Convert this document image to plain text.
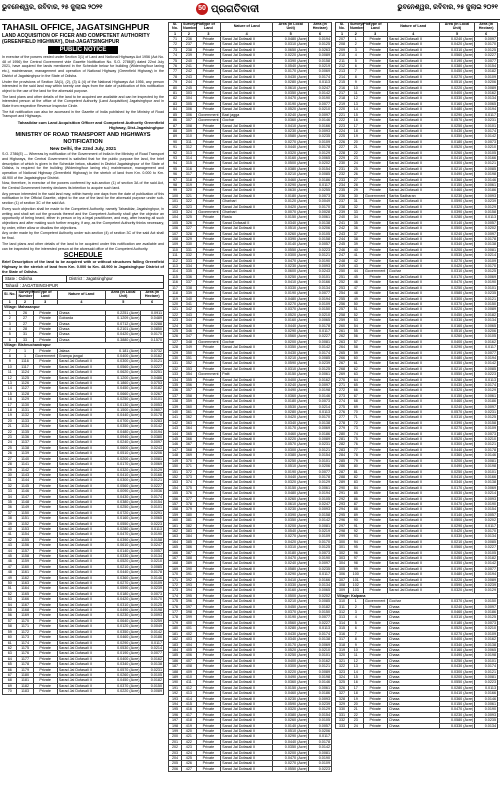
ଭୁବନେଶ୍ୱର, ରବିବାର, ୨୫ ଜୁଲାଇ ୨୦୨୧	50 ପ୍ରଗତିବାଦୀ	ଭୁବନେଶ୍ୱର, ରବିବାର, ୨୫ ଜୁଲାଇ ୨୦୨୧
TAHASIL OFFICE, JAGATSINGHPUR
LAND ACQUISITION OF FICER AND COMPETENT AUTHORITY (GREENFIELD HIGHWAY), Dist-JAGATSINGHPUR
PUBLIC NOTICE
In exercise of the powers vested under Section 3(1) of Land and National Highways Act 1956 (Act No. 48 of 1956) the Central Government vide Gazette Notification No. S.O. 2786(E) dated 22nd July 2021, have acquired the lands mentioned in the Schedule below for building (Widening/four laning etc.), maintenance, management and operation of National Highway (Greenfield Highway) in the District of Jagatsinghpur in the State of Odisha.
Under the provisions of Section 3A(1), (2), (3) & (4) of the National Highways Act 1956, any person interested in the said land may within twenty one days from the date of publication of this notification object to the use of the land for the aforesaid purpose.
The land plans and other details of the land to be acquired are available and can be inspected by the interested person at the office of the Competent Authority (Land Acquisition) Jagatsinghpur and in State from respective Revenue Inspector Circle.
The full notification can also be accessed in the Gazette of India published by the Ministry of Road Transport and Highways.
Tahasildar cum Land Acquisition Officer and Competent Authority Greenfield Highway, Dist-Jagatsinghpur
MINISTRY OF ROAD TRANSPORT AND HIGHWAYS
NOTIFICATION
New Delhi, the 22nd July, 2021
S.O. 2786(E) — Whereas by notification of the Government of India in the Ministry of Road Transport and Highways, the Central Government is satisfied that for the public purpose the land, the brief description of which is given in the Schedule below, situated in District Jagatsinghpur of the State of Odisha, is required for the building (Widening/four laning etc.) maintenance, management and operation of National Highway (Greenfield Highway) in the stretch of land from Km. 0.000 to Km. 48.900 of the Jagatsinghpur District.
Now, therefore, in exercise of the powers conferred by sub-section (1) of section 3A of the said Act, the Central Government hereby declares its intention to acquire such land.
Any person interested in the said land may, within twenty one days from the date of publication of this notification in the Official Gazette, object to the use of the land for the aforesaid purpose under sub-section (1) of section 3C of the said Act.
Every such objection shall be made to the Competent Authority, namely Tahasildar, Jagatsinghpur, in writing and shall set out the grounds thereof and the Competent Authority shall give the objector an opportunity of being heard, either in person or by a legal practitioner, and may, after hearing all such objections and after making such further enquiry, if any, as the Competent Authority thinks necessary, by order, either allow or disallow the objections.
Any order made by the Competent Authority under sub-section (4) of section 3C of the said Act shall be final.
The land plans and other details of the land to be acquired under this notification are available and can be inspected by the interested person at the aforesaid office of the Competent Authority.
SCHEDULE
Brief Description of the land to be acquired with or without structures falling Greenfield Highway in the stretch of land from Km. 0.000 to Km. 48.900 in Jagatsinghpur District of the State of Odisha.
State : Odisha	District : Jagatsinghpur
Tahasil : JAGATSINGHPUR
Sl. No.	Survey/Plot Number	Type of Land	Nature of Land	Area (in Local Unit)	Area (in Hectare)
1	2	3	4	5	6
Village: Mahasanpur					
1	26	Private	Chasa	0.2251 (Acre)	0.0911
2	27	Private	Gobarda	0.1209 (Acre)	0.0489
3	27	Private	Chasa	0.0712 (Acre)	0.0288
4	28	Private	Chasa	0.2101 (Acre)	0.0850
5	31	Private	Chasa	0.0420 (Acre)	0.0170
6	33	Private	Chasa	0.3880 (Acre)	0.1570
Village: Bishnuchandrapur					
7	1	Private	Jalasa	0.181 (Acre)	0.0732
8	1	Government	Gramya jangal	0.0400 (Acre)	0.0162
9	1116	Private	Sarad Jal Dofasali II	0.0300 (Acre)	0.0121
10	1117	Private	Sarad Jal Dofasali II	0.0560 (Acre)	0.0227
11	1124	Private	Sarad Jal Dofasali II	0.0620 (Acre)	0.0251
12	1125	Private	Sarad Jal Dofasali II	0.1200 (Acre)	0.0486
13	1126	Private	Sarad Jal Dofasali II	0.1860 (Acre)	0.0753
14	1127	Private	Sarad Jal Dofasali II	0.0450 (Acre)	0.0182
15	1128	Private	Sarad Jal Dofasali II	0.0660 (Acre)	0.0267
16	1129	Private	Sarad Jal Dofasali II	0.0250 (Acre)	0.0101
17	1130	Private	Sarad Jal Dofasali II	0.0130 (Acre)	0.0053
18	1131	Private	Sarad Jal Dofasali II	0.1500 (Acre)	0.0607
19	1132	Private	Sarad Jal Dofasali II	0.0440 (Acre)	0.0178
20	1133	Private	Sarad Jal Dofasali II	0.0700 (Acre)	0.0283
21	1134	Private	Sarad Jal Dofasali II	0.0350 (Acre)	0.0142
22	1135	Private	Sarad Jal Dofasali II	0.0480 (Acre)	0.0194
23	1136	Private	Sarad Jal Dofasali II	0.0940 (Acre)	0.0380
24	1137	Private	Sarad Jal Dofasali II	0.0240 (Acre)	0.0097
25	1138	Private	Sarad Jal Dofasali II	0.0600 (Acre)	0.0243
26	1139	Private	Sarad Jal Dofasali II	0.0510 (Acre)	0.0206
27	1140	Private	Sarad Jal Dofasali II	0.0200 (Acre)	0.0081
28	1141	Private	Sarad Jal Dofasali II	0.0170 (Acre)	0.0069
29	1142	Private	Sarad Jal Dofasali II	0.0320 (Acre)	0.0129
30	1143	Private	Sarad Jal Dofasali II	0.0410 (Acre)	0.0166
31	1144	Private	Sarad Jal Dofasali II	0.0300 (Acre)	0.0121
32	1145	Private	Sarad Jal Dofasali II	0.0560 (Acre)	0.0227
33	1146	Private	Sarad Jal Dofasali II	0.0090 (Acre)	0.0036
34	1147	Private	Sarad Jal Dofasali II	0.0430 (Acre)	0.0174
35	1148	Private	Sarad Jal Dofasali II	0.0380 (Acre)	0.0154
36	1149	Private	Sarad Jal Dofasali II	0.0250 (Acre)	0.0101
37	1150	Private	Sarad Jal Dofasali II	0.0720 (Acre)	0.0291
38	1151	Private	Sarad Jal Dofasali II	0.0160 (Acre)	0.0065
39	1152	Private	Sarad Jal Dofasali II	0.0550 (Acre)	0.0223
40	1153	Private	Sarad Jal Dofasali II	0.0280 (Acre)	0.0113
41	1154	Private	Sarad Jal Dofasali II	0.0470 (Acre)	0.0190
42	1155	Private	Sarad Jal Dofasali II	0.0390 (Acre)	0.0158
43	1156	Private	Sarad Jal Dofasali II	0.0610 (Acre)	0.0247
44	1157	Private	Sarad Jal Dofasali II	0.0140 (Acre)	0.0057
45	1158	Private	Sarad Jal Dofasali II	0.0330 (Acre)	0.0134
46	1159	Private	Sarad Jal Dofasali II	0.0520 (Acre)	0.0210
47	1160	Private	Sarad Jal Dofasali II	0.0210 (Acre)	0.0085
48	1161	Private	Sarad Jal Dofasali II	0.0440 (Acre)	0.0178
49	1162	Private	Sarad Jal Dofasali II	0.0360 (Acre)	0.0146
50	1163	Private	Sarad Jal Dofasali II	0.0270 (Acre)	0.0109
51	1164	Private	Sarad Jal Dofasali II	0.0590 (Acre)	0.0239
52	1165	Private	Sarad Jal Dofasali II	0.0180 (Acre)	0.0073
53	1166	Private	Sarad Jal Dofasali II	0.0420 (Acre)	0.0170
54	1167	Private	Sarad Jal Dofasali II	0.0310 (Acre)	0.0125
55	1168	Private	Sarad Jal Dofasali II	0.0490 (Acre)	0.0198
56	1169	Private	Sarad Jal Dofasali II	0.0230 (Acre)	0.0093
57	1170	Private	Sarad Jal Dofasali II	0.0640 (Acre)	0.0259
58	1171	Private	Sarad Jal Dofasali II	0.0120 (Acre)	0.0049
59	1172	Private	Sarad Jal Dofasali II	0.0350 (Acre)	0.0142
60	1173	Private	Sarad Jal Dofasali II	0.0460 (Acre)	0.0186
61	1174	Private	Sarad Jal Dofasali II	0.0290 (Acre)	0.0117
62	1175	Private	Sarad Jal Dofasali II	0.0530 (Acre)	0.0214
63	1176	Private	Sarad Jal Dofasali II	0.0190 (Acre)	0.0077
64	1177	Private	Sarad Jal Dofasali II	0.0400 (Acre)	0.0162
65	1178	Private	Sarad Jal Dofasali II	0.0340 (Acre)	0.0138
66	1179	Private	Sarad Jal Dofasali II	0.0570 (Acre)	0.0231
67	1180	Private	Sarad Jal Dofasali II	0.0260 (Acre)	0.0105
68	1181	Private	Sarad Jal Dofasali II	0.0450 (Acre)	0.0182
69	1182	Private	Sarad Jal Dofasali II	0.0370 (Acre)	0.0150
70	1183	Private	Sarad Jal Dofasali II	0.0220 (Acre)	0.0089
Sl. No.	Survey/Plot Number	Type of Land	Nature of Land	Area (in Local Unit)	Area (in Hectare)
1	2	3	4	5	6
71	236	Private	Sarad Jal Dofasali II	0.0480 (Acre)	0.0194
72	237	Private	Sarad Jal Dofasali II	0.0310 (Acre)	0.0125
73	238	Private	Sarad Jal Dofasali II	0.0650 (Acre)	0.0263
74	239	Private	Sarad Jal Dofasali II	0.0220 (Acre)	0.0089
75	240	Private	Sarad Jal Dofasali II	0.0390 (Acre)	0.0158
76	241	Private	Sarad Jal Dofasali II	0.0540 (Acre)	0.0219
77	242	Private	Sarad Jal Dofasali II	0.0170 (Acre)	0.0069
78	243	Private	Sarad Jal Dofasali II	0.0430 (Acre)	0.0174
79	244	Private	Sarad Jal Dofasali II	0.0280 (Acre)	0.0113
80	245	Private	Sarad Jal Dofasali II	0.0610 (Acre)	0.0247
81	303	Private	Sarad Jal Dofasali II	0.0350 (Acre)	0.0142
82	304	Private	Sarad Jal Dofasali II	0.0470 (Acre)	0.0190
83	305	Private	Sarad Jal Dofasali II	0.0190 (Acre)	0.0077
84	306	Private	Sarad Jal Dofasali II	0.0520 (Acre)	0.0210
85	306	Government	Bazi jagga	0.0240 (Acre)	0.0097
86	307	Government	Gochar	0.0360 (Acre)	0.0146
87	308	Private	Sarad Jal Dofasali II	0.0410 (Acre)	0.0166
88	309	Private	Sarad Jal Dofasali II	0.0230 (Acre)	0.0093
89	310	Private	Sarad Jal Dofasali II	0.0580 (Acre)	0.0235
90	311	Private	Sarad Jal Dofasali II	0.0270 (Acre)	0.0109
91	312	Private	Sarad Jal Dofasali II	0.0440 (Acre)	0.0178
92	313	Private	Sarad Jal Dofasali II	0.0320 (Acre)	0.0129
93	314	Private	Sarad Jal Dofasali II	0.0160 (Acre)	0.0065
94	315	Private	Sarad Jal Dofasali II	0.0500 (Acre)	0.0202
95	316	Private	Sarad Jal Dofasali II	0.0380 (Acre)	0.0154
96	317	Private	Sarad Jal Dofasali II	0.0210 (Acre)	0.0085
97	318	Private	Sarad Jal Dofasali II	0.0460 (Acre)	0.0186
98	319	Private	Sarad Jal Dofasali II	0.0290 (Acre)	0.0117
99	320	Private	Sarad Jal Dofasali II	0.0630 (Acre)	0.0255
100	321	Private	Sarad Jal Dofasali II	0.0180 (Acre)	0.0073
101	322	Private	Gharbari	0.0120 (Acre)	0.0049
102	323	Private	Sarad Jal Dofasali II	0.0420 (Acre)	0.0170
103	324	Government	Gharbari	0.0070 (Acre)	0.0028
104	325	Private	Rasta	0.0150 (Acre)	0.0061
105	326	Private	Sarad Dofasali II	0.0340 (Acre)	0.0138
106	327	Private	Sarad Jal Dofasali II	0.0510 (Acre)	0.0206
107	328	Private	Sarad Jal Dofasali II	0.0260 (Acre)	0.0105
108	329	Private	Sarad Jal Dofasali II	0.0390 (Acre)	0.0158
109	330	Private	Sarad Jal Dofasali II	0.0140 (Acre)	0.0057
110	331	Private	Sarad Jal Dofasali II	0.0550 (Acre)	0.0223
111	332	Private	Sarad Jal Dofasali II	0.0300 (Acre)	0.0121
112	333	Private	Sarad Jal Dofasali II	0.0470 (Acre)	0.0190
113	334	Private	Sarad Jal Dofasali II	0.0230 (Acre)	0.0093
114	335	Private	Sarad Jal Dofasali II	0.0600 (Acre)	0.0243
115	336	Private	Sarad Jal Dofasali II	0.0250 (Acre)	0.0101
116	337	Private	Sarad Jal Dofasali II	0.0410 (Acre)	0.0166
117	338	Private	Sarad Jal Dofasali II	0.0330 (Acre)	0.0134
118	339	Private	Sarad Jal Dofasali II	0.0190 (Acre)	0.0077
119	340	Private	Sarad Jal Dofasali II	0.0480 (Acre)	0.0194
120	341	Private	Sarad Jal Dofasali II	0.0270 (Acre)	0.0109
121	342	Private	Sarad Jal Dofasali II	0.0370 (Acre)	0.0150
122	343	Private	Sarad Jal Dofasali II	0.0520 (Acre)	0.0210
123	344	Private	Sarad Jal Dofasali II	0.0160 (Acre)	0.0065
124	345	Private	Sarad Jal Dofasali II	0.0440 (Acre)	0.0178
125	346	Private	Sarad Jal Dofasali II	0.0290 (Acre)	0.0117
126	347	Private	Sarad Jal Dofasali II	0.0560 (Acre)	0.0227
127	348	Government	Gochar	0.0200 (Acre)	0.0081
128	349	Private	Sarad Jal Dofasali II	0.0350 (Acre)	0.0142
129	350	Private	Sarad Jal Dofasali II	0.0430 (Acre)	0.0174
130	351	Private	Sarad Jal Dofasali II	0.0210 (Acre)	0.0085
131	352	Private	Sarad Jal Dofasali II	0.0590 (Acre)	0.0239
132	353	Private	Sarad Jal Dofasali II	0.0310 (Acre)	0.0125
133	354	Government	Patit	0.0150 (Acre)	0.0061
134	355	Private	Sarad Jal Dofasali II	0.0400 (Acre)	0.0162
135	356	Private	Sarad Jal Dofasali II	0.0240 (Acre)	0.0097
136	357	Private	Sarad Jal Dofasali II	0.0490 (Acre)	0.0198
137	358	Private	Sarad Jal Dofasali II	0.0360 (Acre)	0.0146
138	359	Private	Sarad Jal Dofasali II	0.0180 (Acre)	0.0073
139	360	Private	Sarad Jal Dofasali II	0.0530 (Acre)	0.0214
140	361	Private	Sarad Jal Dofasali II	0.0280 (Acre)	0.0113
141	362	Private	Sarad Jal Dofasali II	0.0420 (Acre)	0.0170
142	363	Private	Sarad Jal Dofasali II	0.0340 (Acre)	0.0138
143	364	Private	Sarad Jal Dofasali II	0.0170 (Acre)	0.0069
144	365	Private	Sarad Jal Dofasali II	0.0460 (Acre)	0.0186
145	366	Private	Sarad Jal Dofasali II	0.0220 (Acre)	0.0089
146	367	Private	Sarad Jal Dofasali II	0.0570 (Acre)	0.0231
147	368	Private	Sarad Jal Dofasali II	0.0300 (Acre)	0.0121
148	369	Private	Sarad Jal Dofasali II	0.0380 (Acre)	0.0154
149	370	Private	Sarad Jal Dofasali II	0.0250 (Acre)	0.0101
150	371	Private	Sarad Jal Dofasali II	0.0510 (Acre)	0.0206
151	372	Private	Sarad Jal Dofasali II	0.0190 (Acre)	0.0077
152	373	Private	Sarad Jal Dofasali II	0.0440 (Acre)	0.0178
153	374	Private	Sarad Jal Dofasali II	0.0320 (Acre)	0.0129
154	375	Private	Sarad Jal Dofasali II	0.0150 (Acre)	0.0061
155	376	Private	Sarad Jal Dofasali II	0.0480 (Acre)	0.0194
156	377	Private	Sarad Jal Dofasali II	0.0260 (Acre)	0.0105
157	378	Private	Sarad Jal Dofasali II	0.0610 (Acre)	0.0247
158	379	Private	Sarad Jal Dofasali II	0.0230 (Acre)	0.0093
159	380	Private	Sarad Jal Dofasali II	0.0390 (Acre)	0.0158
160	381	Private	Sarad Jal Dofasali II	0.0350 (Acre)	0.0142
161	382	Private	Sarad Jal Dofasali II	0.0200 (Acre)	0.0081
162	383	Private	Sarad Jal Dofasali II	0.0540 (Acre)	0.0219
163	384	Private	Sarad Jal Dofasali II	0.0270 (Acre)	0.0109
164	385	Private	Sarad Jal Dofasali II	0.0420 (Acre)	0.0170
165	386	Private	Sarad Jal Dofasali II	0.0310 (Acre)	0.0125
166	387	Private	Sarad Jal Dofasali II	0.0180 (Acre)	0.0073
167	388	Private	Sarad Jal Dofasali II	0.0470 (Acre)	0.0190
168	389	Private	Sarad Jal Dofasali II	0.0240 (Acre)	0.0097
169	390	Private	Sarad Jal Dofasali II	0.0580 (Acre)	0.0235
170	391	Private	Sarad Jal Dofasali II	0.0290 (Acre)	0.0117
171	392	Private	Sarad Jal Dofasali II	0.0410 (Acre)	0.0166
172	393	Private	Sarad Jal Dofasali II	0.0330 (Acre)	0.0134
173	394	Private	Sarad Jal Dofasali II	0.0160 (Acre)	0.0065
174	395	Private	Sarad Jal Dofasali II	0.0500 (Acre)	0.0202
175	396	Private	Sarad Jal Dofasali II	0.0210 (Acre)	0.0085
176	397	Private	Sarad Jal Dofasali II	0.0450 (Acre)	0.0182
177	398	Private	Sarad Jal Dofasali II	0.0370 (Acre)	0.0150
178	399	Private	Sarad Jal Dofasali II	0.0190 (Acre)	0.0077
179	400	Private	Sarad Jal Dofasali II	0.0560 (Acre)	0.0227
180	401	Private	Sarad Jal Dofasali II	0.0280 (Acre)	0.0113
181	402	Private	Sarad Jal Dofasali II	0.0430 (Acre)	0.0174
182	403	Private	Sarad Jal Dofasali II	0.0340 (Acre)	0.0138
183	404	Private	Sarad Jal Dofasali II	0.0170 (Acre)	0.0069
184	405	Private	Sarad Jal Dofasali II	0.0520 (Acre)	0.0210
185	406	Private	Sarad Jal Dofasali II	0.0250 (Acre)	0.0101
186	407	Private	Sarad Jal Dofasali II	0.0400 (Acre)	0.0162
187	408	Private	Sarad Jal Dofasali II	0.0300 (Acre)	0.0121
188	409	Private	Sarad Jal Dofasali II	0.0220 (Acre)	0.0089
189	410	Private	Sarad Jal Dofasali II	0.0490 (Acre)	0.0198
190	411	Private	Sarad Jal Dofasali II	0.0360 (Acre)	0.0146
191	412	Private	Sarad Jal Dofasali II	0.0150 (Acre)	0.0061
192	413	Private	Sarad Jal Dofasali II	0.0460 (Acre)	0.0186
193	414	Private	Sarad Jal Dofasali II	0.0230 (Acre)	0.0093
194	415	Private	Sarad Jal Dofasali II	0.0590 (Acre)	0.0239
195	416	Private	Sarad Jal Dofasali II	0.0320 (Acre)	0.0129
196	417	Private	Sarad Jal Dofasali II	0.0380 (Acre)	0.0154
197	418	Private	Sarad Jal Dofasali II	0.0260 (Acre)	0.0105
198	419	Private	Sarad Jal Dofasali II	0.0140 (Acre)	0.0057
199	420	Private	Sarad Jal Dofasali II	0.0510 (Acre)	0.0206
200	421	Private	Sarad Jal Dofasali II	0.0290 (Acre)	0.0117
201	422	Private	Sarad Jal Dofasali II	0.0440 (Acre)	0.0178
202	423	Private	Sarad Jal Dofasali II	0.0350 (Acre)	0.0142
203	424	Private	Sarad Jal Dofasali II	0.0200 (Acre)	0.0081
204	425	Private	Sarad Jal Dofasali II	0.0470 (Acre)	0.0190
205	426	Private	Sarad Jal Dofasali II	0.0270 (Acre)	0.0109
206	427	Private	Sarad Jal Dofasali II	0.0550 (Acre)	0.0223
Sl. No.	Survey/Plot Number	Type of Land	Nature of Land	Area (in Local Unit)	Area (in Hectare)
1	2	3	4	5	6
207	1	Private	Sarad Jal Dofasali II	0.0240 (Acre)	0.0097
208	2	Private	Sarad Jal Dofasali II	0.0420 (Acre)	0.0170
209	3	Private	Sarad Jal Dofasali II	0.0310 (Acre)	0.0125
210	4	Private	Sarad Jal Dofasali II	0.0560 (Acre)	0.0227
211	5	Private	Sarad Jal Dofasali II	0.0190 (Acre)	0.0077
212	6	Private	Sarad Jal Dofasali II	0.0380 (Acre)	0.0154
213	7	Private	Sarad Jal Dofasali II	0.0450 (Acre)	0.0182
214	8	Private	Sarad Jal Dofasali II	0.0270 (Acre)	0.0109
215	9	Private	Sarad Jal Dofasali II	0.0510 (Acre)	0.0206
216	10	Private	Sarad Jal Dofasali II	0.0220 (Acre)	0.0089
217	11	Private	Sarad Jal Dofasali II	0.0400 (Acre)	0.0162
218	12	Private	Sarad Jal Dofasali II	0.0330 (Acre)	0.0134
219	13	Private	Sarad Jal Dofasali II	0.0160 (Acre)	0.0065
220	14	Private	Sarad Jal Dofasali II	0.0480 (Acre)	0.0194
221	15	Private	Sarad Jal Dofasali II	0.0290 (Acre)	0.0117
222	16	Private	Sarad Jal Dofasali II	0.0570 (Acre)	0.0231
223	17	Private	Sarad Jal Dofasali II	0.0250 (Acre)	0.0101
224	18	Private	Sarad Jal Dofasali II	0.0430 (Acre)	0.0174
225	19	Private	Sarad Jal Dofasali II	0.0350 (Acre)	0.0142
226	20	Private	Sarad Jal Dofasali II	0.0180 (Acre)	0.0073
227	21	Private	Sarad Jal Dofasali II	0.0520 (Acre)	0.0210
228	22	Private	Sarad Jal Dofasali II	0.0260 (Acre)	0.0105
229	23	Private	Sarad Jal Dofasali II	0.0410 (Acre)	0.0166
230	24	Private	Sarad Jal Dofasali II	0.0300 (Acre)	0.0121
231	25	Private	Sarad Jal Dofasali II	0.0210 (Acre)	0.0085
232	26	Private	Sarad Jal Dofasali II	0.0490 (Acre)	0.0198
233	27	Private	Sarad Jal Dofasali II	0.0360 (Acre)	0.0146
234	28	Private	Sarad Jal Dofasali II	0.0150 (Acre)	0.0061
235	29	Private	Sarad Jal Dofasali II	0.0460 (Acre)	0.0186
236	30	Government	Sarba Sadharan	0.0230 (Acre)	0.0093
237	31	Private	Sarad Jal Dofasali II	0.0590 (Acre)	0.0239
238	32	Private	Sarad Jal Dofasali II	0.0320 (Acre)	0.0129
239	33	Private	Sarad Jal Dofasali II	0.0390 (Acre)	0.0158
240	34	Private	Sarad Jal Dofasali II	0.0280 (Acre)	0.0113
241	35	Private	Sarad Jal Dofasali II	0.0140 (Acre)	0.0057
242	36	Private	Sarad Jal Dofasali II	0.0500 (Acre)	0.0202
243	37	Private	Sarad Jal Dofasali II	0.0240 (Acre)	0.0097
244	38	Private	Sarad Jal Dofasali II	0.0440 (Acre)	0.0178
245	39	Private	Sarad Jal Dofasali II	0.0340 (Acre)	0.0138
246	40	Private	Sarad Jal Dofasali II	0.0200 (Acre)	0.0081
247	41	Private	Sarad Jal Dofasali II	0.0530 (Acre)	0.0214
248	42	Private	Sarad Jal Dofasali II	0.0270 (Acre)	0.0109
249	43	Private	Sarad Jal Dofasali II	0.0420 (Acre)	0.0170
250	44	Government	Gochar	0.0310 (Acre)	0.0125
251	45	Private	Sarad Jal Dofasali II	0.0170 (Acre)	0.0069
252	46	Private	Sarad Jal Dofasali II	0.0470 (Acre)	0.0190
253	47	Private	Sarad Jal Dofasali II	0.0250 (Acre)	0.0101
254	48	Private	Sarad Jal Dofasali II	0.0580 (Acre)	0.0235
255	49	Private	Sarad Jal Dofasali II	0.0300 (Acre)	0.0121
256	50	Private	Sarad Jal Dofasali II	0.0370 (Acre)	0.0150
257	51	Private	Sarad Jal Dofasali II	0.0220 (Acre)	0.0089
258	52	Private	Sarad Jal Dofasali II	0.0450 (Acre)	0.0182
259	53	Private	Sarad Jal Dofasali II	0.0330 (Acre)	0.0134
260	54	Private	Sarad Jal Dofasali II	0.0160 (Acre)	0.0065
261	55	Private	Sarad Jal Dofasali II	0.0510 (Acre)	0.0206
262	56	Private	Sarad Jal Dofasali II	0.0260 (Acre)	0.0105
263	57	Private	Sarad Jal Dofasali II	0.0400 (Acre)	0.0162
264	58	Private	Sarad Jal Dofasali II	0.0290 (Acre)	0.0117
265	59	Private	Sarad Jal Dofasali II	0.0190 (Acre)	0.0077
266	60	Private	Sarad Jal Dofasali II	0.0480 (Acre)	0.0194
267	61	Private	Sarad Jal Dofasali II	0.0350 (Acre)	0.0142
268	62	Private	Sarad Jal Dofasali II	0.0210 (Acre)	0.0085
269	63	Private	Sarad Jal Dofasali II	0.0550 (Acre)	0.0223
270	64	Private	Sarad Jal Dofasali II	0.0280 (Acre)	0.0113
271	65	Private	Sarad Jal Dofasali II	0.0430 (Acre)	0.0174
272	66	Private	Sarad Jal Dofasali II	0.0320 (Acre)	0.0129
273	67	Private	Sarad Jal Dofasali II	0.0150 (Acre)	0.0061
274	68	Private	Sarad Jal Dofasali II	0.0460 (Acre)	0.0186
275	69	Private	Sarad Jal Dofasali II	0.0240 (Acre)	0.0097
276	70	Private	Sarad Jal Dofasali II	0.0570 (Acre)	0.0231
277	71	Private	Sarad Jal Dofasali II	0.0310 (Acre)	0.0125
278	72	Private	Sarad Jal Dofasali II	0.0390 (Acre)	0.0158
279	73	Private	Sarad Jal Dofasali II	0.0270 (Acre)	0.0109
280	74	Private	Sarad Jal Dofasali II	0.0180 (Acre)	0.0073
281	75	Private	Sarad Jal Dofasali II	0.0520 (Acre)	0.0210
282	76	Private	Sarad Jal Dofasali II	0.0300 (Acre)	0.0121
283	77	Private	Sarad Jal Dofasali II	0.0440 (Acre)	0.0178
284	78	Private	Sarad Jal Dofasali II	0.0360 (Acre)	0.0146
285	79	Private	Sarad Jal Dofasali II	0.0200 (Acre)	0.0081
286	80	Private	Sarad Jal Dofasali II	0.0490 (Acre)	0.0198
287	81	Private	Sarad Jal Dofasali II	0.0250 (Acre)	0.0101
288	82	Private	Sarad Jal Dofasali II	0.0410 (Acre)	0.0166
289	83	Private	Sarad Jal Dofasali II	0.0340 (Acre)	0.0138
290	84	Private	Sarad Jal Dofasali II	0.0170 (Acre)	0.0069
291	85	Private	Sarad Jal Dofasali II	0.0530 (Acre)	0.0214
292	86	Private	Sarad Jal Dofasali II	0.0230 (Acre)	0.0093
293	87	Private	Sarad Jal Dofasali II	0.0470 (Acre)	0.0190
294	88	Private	Sarad Jal Dofasali II	0.0380 (Acre)	0.0154
295	89	Private	Sarad Jal Dofasali II	0.0140 (Acre)	0.0057
296	90	Private	Sarad Jal Dofasali II	0.0500 (Acre)	0.0202
297	91	Private	Sarad Jal Dofasali II	0.0290 (Acre)	0.0117
298	92	Private	Sarad Jal Dofasali II	0.0420 (Acre)	0.0170
299	93	Private	Sarad Jal Dofasali II	0.0330 (Acre)	0.0134
300	94	Private	Sarad Jal Dofasali II	0.0210 (Acre)	0.0085
301	95	Private	Sarad Jal Dofasali II	0.0560 (Acre)	0.0227
302	96	Private	Sarad Jal Dofasali II	0.0260 (Acre)	0.0105
303	97	Private	Sarad Jal Dofasali II	0.0450 (Acre)	0.0182
304	98	Private	Sarad Jal Dofasali II	0.0350 (Acre)	0.0142
305	99	Private	Sarad Jal Dofasali II	0.0190 (Acre)	0.0077
306	100	Private	Sarad Jal Dofasali II	0.0480 (Acre)	0.0194
307	101	Private	Sarad Jal Dofasali II	0.0220 (Acre)	0.0089
308	102	Private	Sarad Jal Dofasali II	0.0590 (Acre)	0.0239
309	103	Private	Sarad Jal Dofasali II	0.0320 (Acre)	0.0129
Village: Kalpana					
310	1	Government	Gochar	0.0370 (Acre)	0.0150
311	2	Private	Chasa	0.0240 (Acre)	0.0097
312	3	Private	Chasa	0.0460 (Acre)	0.0186
313	4	Private	Chasa	0.0310 (Acre)	0.0125
314	5	Private	Chasa	0.0180 (Acre)	0.0073
315	6	Private	Chasa	0.0520 (Acre)	0.0210
316	7	Private	Chasa	0.0270 (Acre)	0.0109
317	8	Private	Chasa	0.0400 (Acre)	0.0162
318	9	Private	Chasa	0.0340 (Acre)	0.0138
319	10	Private	Chasa	0.0160 (Acre)	0.0065
320	11	Private	Chasa	0.0490 (Acre)	0.0198
321	12	Private	Chasa	0.0250 (Acre)	0.0101
322	13	Private	Chasa	0.0430 (Acre)	0.0174
323	14	Private	Chasa	0.0300 (Acre)	0.0121
324	15	Private	Chasa	0.0200 (Acre)	0.0081
325	16	Private	Chasa	0.0550 (Acre)	0.0223
326	17	Private	Chasa	0.0280 (Acre)	0.0113
327	18	Private	Chasa	0.0410 (Acre)	0.0166
328	19	Private	Chasa	0.0360 (Acre)	0.0146
329	20	Private	Chasa	0.0150 (Acre)	0.0061
330	21	Private	Chasa	0.0470 (Acre)	0.0190
331	22	Private	Chasa	0.0230 (Acre)	0.0093
332	23	Private	Chasa	0.0580 (Acre)	0.0235
333	24	Private	Chasa	0.0330 (Acre)	0.0134
